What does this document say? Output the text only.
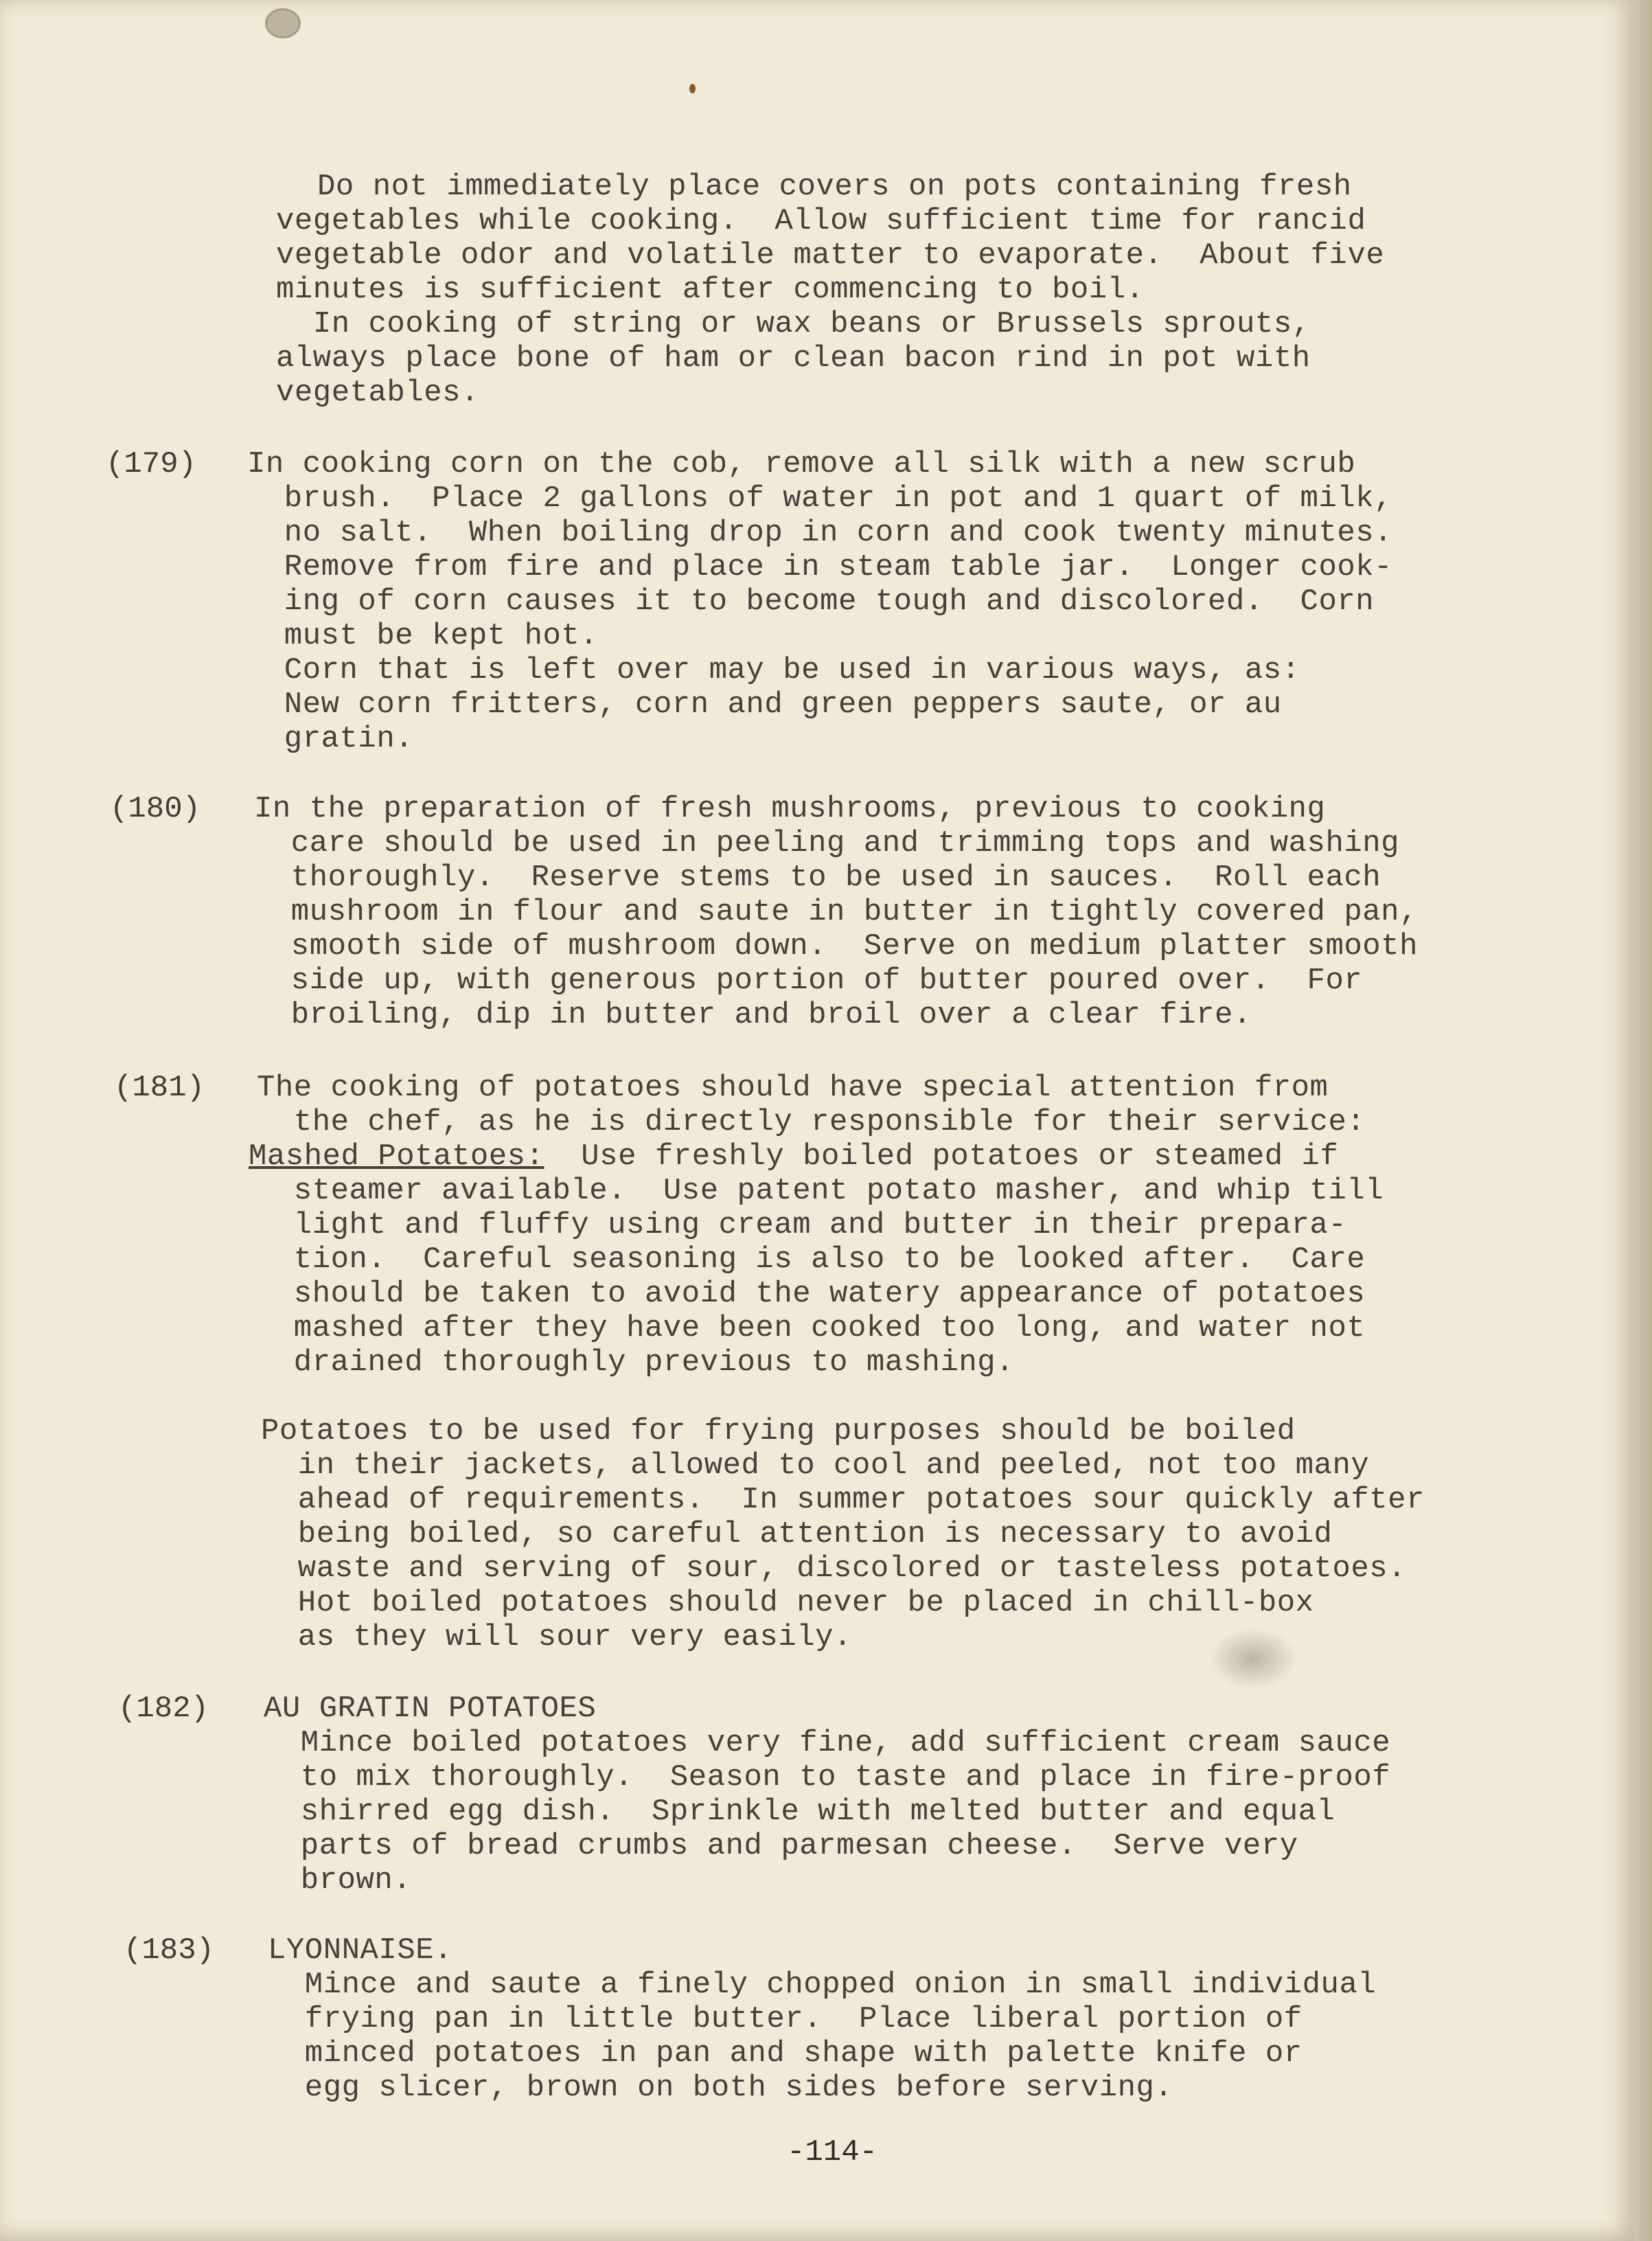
Do not immediately place covers on pots containing fresh
vegetables while cooking.  Allow sufficient time for rancid
vegetable odor and volatile matter to evaporate.  About five
minutes is sufficient after commencing to boil.
In cooking of string or wax beans or Brussels sprouts,
always place bone of ham or clean bacon rind in pot with
vegetables.
(179) In cooking corn on the cob, remove all silk with a new scrub
brush.  Place 2 gallons of water in pot and 1 quart of milk,
no salt.  When boiling drop in corn and cook twenty minutes.
Remove from fire and place in steam table jar.  Longer cook-
ing of corn causes it to become tough and discolored.  Corn
must be kept hot.
Corn that is left over may be used in various ways, as:
New corn fritters, corn and green peppers saute, or au
gratin.
(180) In the preparation of fresh mushrooms, previous to cooking
care should be used in peeling and trimming tops and washing
thoroughly.  Reserve stems to be used in sauces.  Roll each
mushroom in flour and saute in butter in tightly covered pan,
smooth side of mushroom down.  Serve on medium platter smooth
side up, with generous portion of butter poured over.  For
broiling, dip in butter and broil over a clear fire.
(181) The cooking of potatoes should have special attention from
the chef, as he is directly responsible for their service:
Mashed Potatoes:  Use freshly boiled potatoes or steamed if
steamer available.  Use patent potato masher, and whip till
light and fluffy using cream and butter in their prepara-
tion.  Careful seasoning is also to be looked after.  Care
should be taken to avoid the watery appearance of potatoes
mashed after they have been cooked too long, and water not
drained thoroughly previous to mashing.
Potatoes to be used for frying purposes should be boiled
in their jackets, allowed to cool and peeled, not too many
ahead of requirements.  In summer potatoes sour quickly after
being boiled, so careful attention is necessary to avoid
waste and serving of sour, discolored or tasteless potatoes.
Hot boiled potatoes should never be placed in chill-box
as they will sour very easily.
(182) AU GRATIN POTATOES
Mince boiled potatoes very fine, add sufficient cream sauce
to mix thoroughly.  Season to taste and place in fire-proof
shirred egg dish.  Sprinkle with melted butter and equal
parts of bread crumbs and parmesan cheese.  Serve very
brown.
(183) LYONNAISE.
Mince and saute a finely chopped onion in small individual
frying pan in little butter.  Place liberal portion of
minced potatoes in pan and shape with palette knife or
egg slicer, brown on both sides before serving.
-114-
